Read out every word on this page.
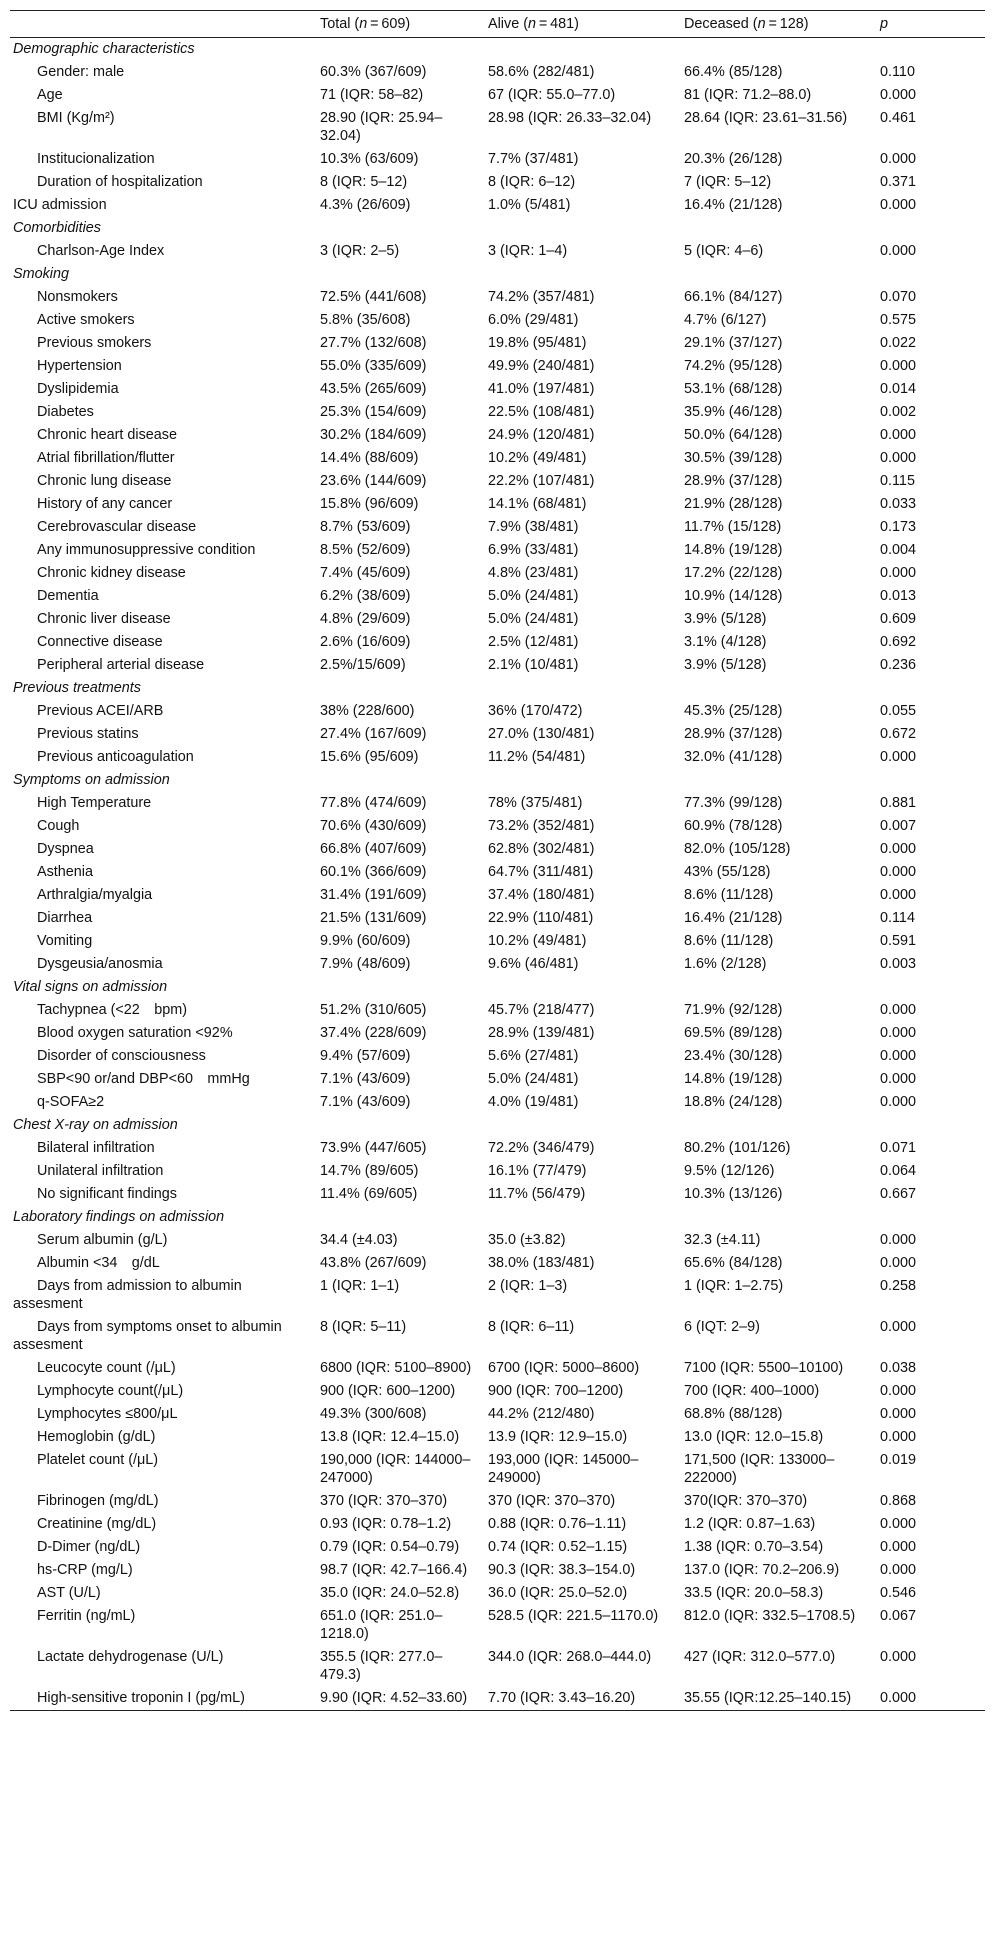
	Total (n = 609)	Alive (n = 481)	Deceased (n = 128)	p
Demographic characteristics				
Gender: male	60.3% (367/609)	58.6% (282/481)	66.4% (85/128)	0.110
Age	71 (IQR: 58–82)	67 (IQR: 55.0–77.0)	81 (IQR: 71.2–88.0)	0.000
BMI (Kg/m²)	28.90 (IQR: 25.94–32.04)	28.98 (IQR: 26.33–32.04)	28.64 (IQR: 23.61–31.56)	0.461
Institucionalization	10.3% (63/609)	7.7% (37/481)	20.3% (26/128)	0.000
Duration of hospitalization	8 (IQR: 5–12)	8 (IQR: 6–12)	7 (IQR: 5–12)	0.371
ICU admission	4.3% (26/609)	1.0% (5/481)	16.4% (21/128)	0.000
Comorbidities				
Charlson-Age Index	3 (IQR: 2–5)	3 (IQR: 1–4)	5 (IQR: 4–6)	0.000
Smoking				
Nonsmokers	72.5% (441/608)	74.2% (357/481)	66.1% (84/127)	0.070
Active smokers	5.8% (35/608)	6.0% (29/481)	4.7% (6/127)	0.575
Previous smokers	27.7% (132/608)	19.8% (95/481)	29.1% (37/127)	0.022
Hypertension	55.0% (335/609)	49.9% (240/481)	74.2% (95/128)	0.000
Dyslipidemia	43.5% (265/609)	41.0% (197/481)	53.1% (68/128)	0.014
Diabetes	25.3% (154/609)	22.5% (108/481)	35.9% (46/128)	0.002
Chronic heart disease	30.2% (184/609)	24.9% (120/481)	50.0% (64/128)	0.000
Atrial fibrillation/flutter	14.4% (88/609)	10.2% (49/481)	30.5% (39/128)	0.000
Chronic lung disease	23.6% (144/609)	22.2% (107/481)	28.9% (37/128)	0.115
History of any cancer	15.8% (96/609)	14.1% (68/481)	21.9% (28/128)	0.033
Cerebrovascular disease	8.7% (53/609)	7.9% (38/481)	11.7% (15/128)	0.173
Any immunosuppressive condition	8.5% (52/609)	6.9% (33/481)	14.8% (19/128)	0.004
Chronic kidney disease	7.4% (45/609)	4.8% (23/481)	17.2% (22/128)	0.000
Dementia	6.2% (38/609)	5.0% (24/481)	10.9% (14/128)	0.013
Chronic liver disease	4.8% (29/609)	5.0% (24/481)	3.9% (5/128)	0.609
Connective disease	2.6% (16/609)	2.5% (12/481)	3.1% (4/128)	0.692
Peripheral arterial disease	2.5%/15/609)	2.1% (10/481)	3.9% (5/128)	0.236
Previous treatments				
Previous ACEI/ARB	38% (228/600)	36% (170/472)	45.3% (25/128)	0.055
Previous statins	27.4% (167/609)	27.0% (130/481)	28.9% (37/128)	0.672
Previous anticoagulation	15.6% (95/609)	11.2% (54/481)	32.0% (41/128)	0.000
Symptoms on admission				
High Temperature	77.8% (474/609)	78% (375/481)	77.3% (99/128)	0.881
Cough	70.6% (430/609)	73.2% (352/481)	60.9% (78/128)	0.007
Dyspnea	66.8% (407/609)	62.8% (302/481)	82.0% (105/128)	0.000
Asthenia	60.1% (366/609)	64.7% (311/481)	43% (55/128)	0.000
Arthralgia/myalgia	31.4% (191/609)	37.4% (180/481)	8.6% (11/128)	0.000
Diarrhea	21.5% (131/609)	22.9% (110/481)	16.4% (21/128)	0.114
Vomiting	9.9% (60/609)	10.2% (49/481)	8.6% (11/128)	0.591
Dysgeusia/anosmia	7.9% (48/609)	9.6% (46/481)	1.6% (2/128)	0.003
Vital signs on admission				
Tachypnea (<22 bpm)	51.2% (310/605)	45.7% (218/477)	71.9% (92/128)	0.000
Blood oxygen saturation <92%	37.4% (228/609)	28.9% (139/481)	69.5% (89/128)	0.000
Disorder of consciousness	9.4% (57/609)	5.6% (27/481)	23.4% (30/128)	0.000
SBP<90 or/and DBP<60 mmHg	7.1% (43/609)	5.0% (24/481)	14.8% (19/128)	0.000
q-SOFA≥2	7.1% (43/609)	4.0% (19/481)	18.8% (24/128)	0.000
Chest X-ray on admission				
Bilateral infiltration	73.9% (447/605)	72.2% (346/479)	80.2% (101/126)	0.071
Unilateral infiltration	14.7% (89/605)	16.1% (77/479)	9.5% (12/126)	0.064
No significant findings	11.4% (69/605)	11.7% (56/479)	10.3% (13/126)	0.667
Laboratory findings on admission				
Serum albumin (g/L)	34.4 (±4.03)	35.0 (±3.82)	32.3 (±4.11)	0.000
Albumin <34 g/dL	43.8% (267/609)	38.0% (183/481)	65.6% (84/128)	0.000
Days from admission to albumin assesment	1 (IQR: 1–1)	2 (IQR: 1–3)	1 (IQR: 1–2.75)	0.258
Days from symptoms onset to albumin assesment	8 (IQR: 5–11)	8 (IQR: 6–11)	6 (IQT: 2–9)	0.000
Leucocyte count (/μL)	6800 (IQR: 5100–8900)	6700 (IQR: 5000–8600)	7100 (IQR: 5500–10100)	0.038
Lymphocyte count(/μL)	900 (IQR: 600–1200)	900 (IQR: 700–1200)	700 (IQR: 400–1000)	0.000
Lymphocytes ≤800/μL	49.3% (300/608)	44.2% (212/480)	68.8% (88/128)	0.000
Hemoglobin (g/dL)	13.8 (IQR: 12.4–15.0)	13.9 (IQR: 12.9–15.0)	13.0 (IQR: 12.0–15.8)	0.000
Platelet count (/μL)	190,000 (IQR: 144000–247000)	193,000 (IQR: 145000–249000)	171,500 (IQR: 133000–222000)	0.019
Fibrinogen (mg/dL)	370 (IQR: 370–370)	370 (IQR: 370–370)	370(IQR: 370–370)	0.868
Creatinine (mg/dL)	0.93 (IQR: 0.78–1.2)	0.88 (IQR: 0.76–1.11)	1.2 (IQR: 0.87–1.63)	0.000
D-Dimer (ng/dL)	0.79 (IQR: 0.54–0.79)	0.74 (IQR: 0.52–1.15)	1.38 (IQR: 0.70–3.54)	0.000
hs-CRP (mg/L)	98.7 (IQR: 42.7–166.4)	90.3 (IQR: 38.3–154.0)	137.0 (IQR: 70.2–206.9)	0.000
AST (U/L)	35.0 (IQR: 24.0–52.8)	36.0 (IQR: 25.0–52.0)	33.5 (IQR: 20.0–58.3)	0.546
Ferritin (ng/mL)	651.0 (IQR: 251.0–1218.0)	528.5 (IQR: 221.5–1170.0)	812.0 (IQR: 332.5–1708.5)	0.067
Lactate dehydrogenase (U/L)	355.5 (IQR: 277.0–479.3)	344.0 (IQR: 268.0–444.0)	427 (IQR: 312.0–577.0)	0.000
High-sensitive troponin I (pg/mL)	9.90 (IQR: 4.52–33.60)	7.70 (IQR: 3.43–16.20)	35.55 (IQR:12.25–140.15)	0.000
